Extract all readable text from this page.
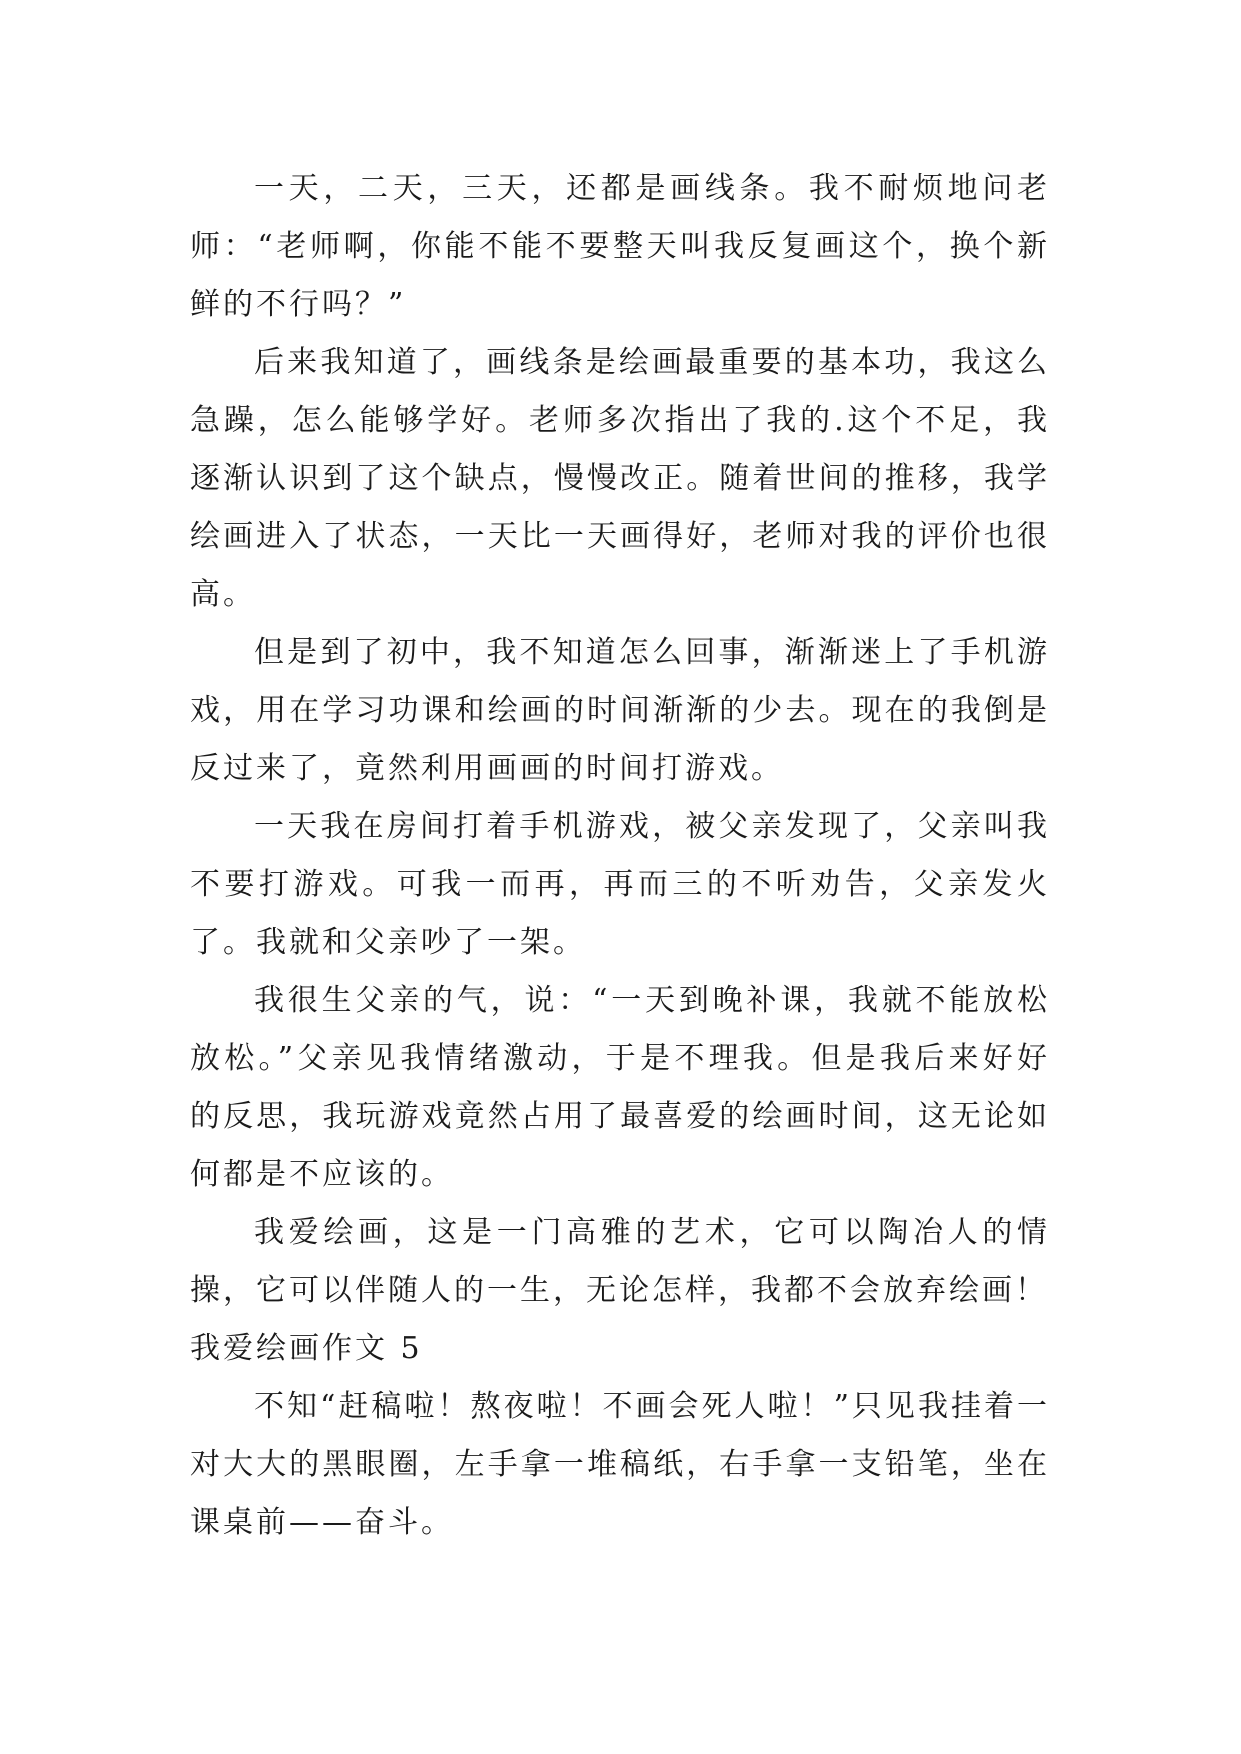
一天，二天，三天，还都是画线条。我不耐烦地问老师：“老师啊，你能不能不要整天叫我反复画这个，换个新鲜的不行吗？”

后来我知道了，画线条是绘画最重要的基本功，我这么急躁，怎么能够学好。老师多次指出了我的.这个不足，我逐渐认识到了这个缺点，慢慢改正。随着世间的推移，我学绘画进入了状态，一天比一天画得好，老师对我的评价也很高。

但是到了初中，我不知道怎么回事，渐渐迷上了手机游戏，用在学习功课和绘画的时间渐渐的少去。现在的我倒是反过来了，竟然利用画画的时间打游戏。

一天我在房间打着手机游戏，被父亲发现了，父亲叫我不要打游戏。可我一而再，再而三的不听劝告，父亲发火了。我就和父亲吵了一架。

我很生父亲的气，说：“一天到晚补课，我就不能放松放松。”父亲见我情绪激动，于是不理我。但是我后来好好的反思，我玩游戏竟然占用了最喜爱的绘画时间，这无论如何都是不应该的。

我爱绘画，这是一门高雅的艺术，它可以陶冶人的情操，它可以伴随人的一生，无论怎样，我都不会放弃绘画！

我爱绘画作文 5

不知“赶稿啦！熬夜啦！不画会死人啦！”只见我挂着一对大大的黑眼圈，左手拿一堆稿纸，右手拿一支铅笔，坐在课桌前——奋斗。
